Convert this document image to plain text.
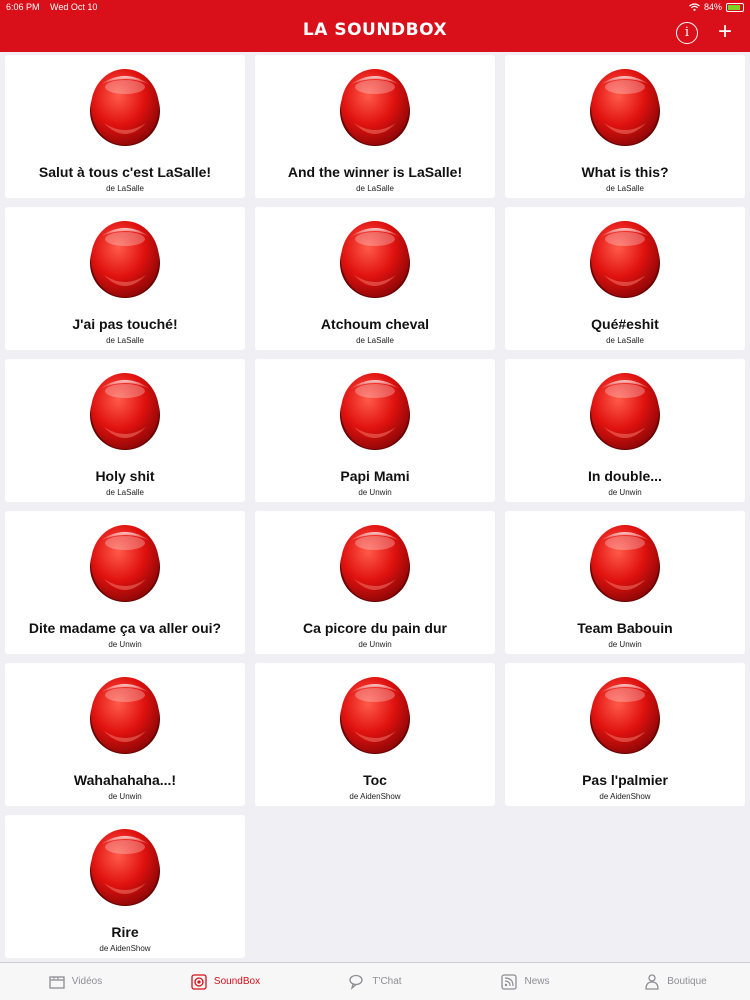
6:06 PM Wed Oct 10	84%
LA SOUNDBOX	i	+
Salut à tous c'est LaSalle!
de LaSalle
And the winner is LaSalle!
de LaSalle
What is this?
de LaSalle
J'ai pas touché!
de LaSalle
Atchoum cheval
de LaSalle
Qué#eshit
de LaSalle
Holy shit
de LaSalle
Papi Mami
de Unwin
In double...
de Unwin
Dite madame ça va aller oui?
de Unwin
Ca picore du pain dur
de Unwin
Team Babouin
de Unwin
Wahahahaha...!
de Unwin
Toc
de AidenShow
Pas l'palmier
de AidenShow
Rire
de AidenShow
Vidéos	SoundBox	T'Chat	News	Boutique
